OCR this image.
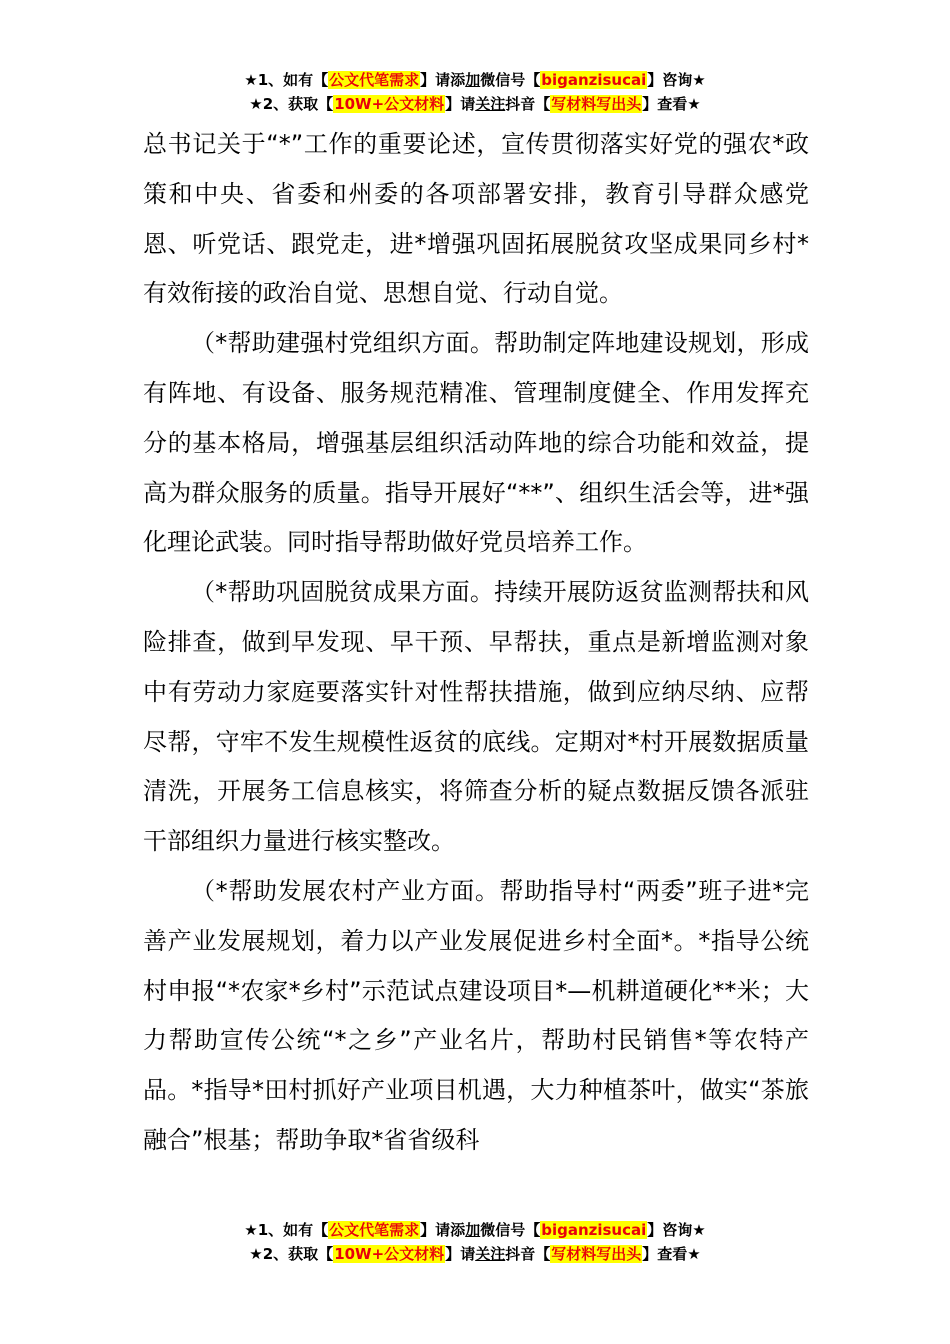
★1、如有【公文代笔需求】请添加微信号【biganzisucai】咨询★
★2、获取【10W+公文材料】请关注抖音【写材料写出头】查看★

总书记关于“*”工作的重要论述，宣传贯彻落实好党的强农*政策和中央、省委和州委的各项部署安排，教育引导群众感党恩、听党话、跟党走，进*增强巩固拓展脱贫攻坚成果同乡村*有效衔接的政治自觉、思想自觉、行动自觉。

（*帮助建强村党组织方面。帮助制定阵地建设规划，形成有阵地、有设备、服务规范精准、管理制度健全、作用发挥充分的基本格局，增强基层组织活动阵地的综合功能和效益，提高为群众服务的质量。指导开展好“**”、组织生活会等，进*强化理论武装。同时指导帮助做好党员培养工作。

（*帮助巩固脱贫成果方面。持续开展防返贫监测帮扶和风险排查，做到早发现、早干预、早帮扶，重点是新增监测对象中有劳动力家庭要落实针对性帮扶措施，做到应纳尽纳、应帮尽帮，守牢不发生规模性返贫的底线。定期对*村开展数据质量清洗，开展务工信息核实，将筛查分析的疑点数据反馈各派驻干部组织力量进行核实整改。

（*帮助发展农村产业方面。帮助指导村“两委”班子进*完善产业发展规划，着力以产业发展促进乡村全面*。*指导公统村申报“*农家*乡村”示范试点建设项目*—机耕道硬化**米；大力帮助宣传公统“*之乡”产业名片，帮助村民销售*等农特产品。*指导*田村抓好产业项目机遇，大力种植茶叶，做实“茶旅融合”根基；帮助争取*省省级科

★1、如有【公文代笔需求】请添加微信号【biganzisucai】咨询★
★2、获取【10W+公文材料】请关注抖音【写材料写出头】查看★
